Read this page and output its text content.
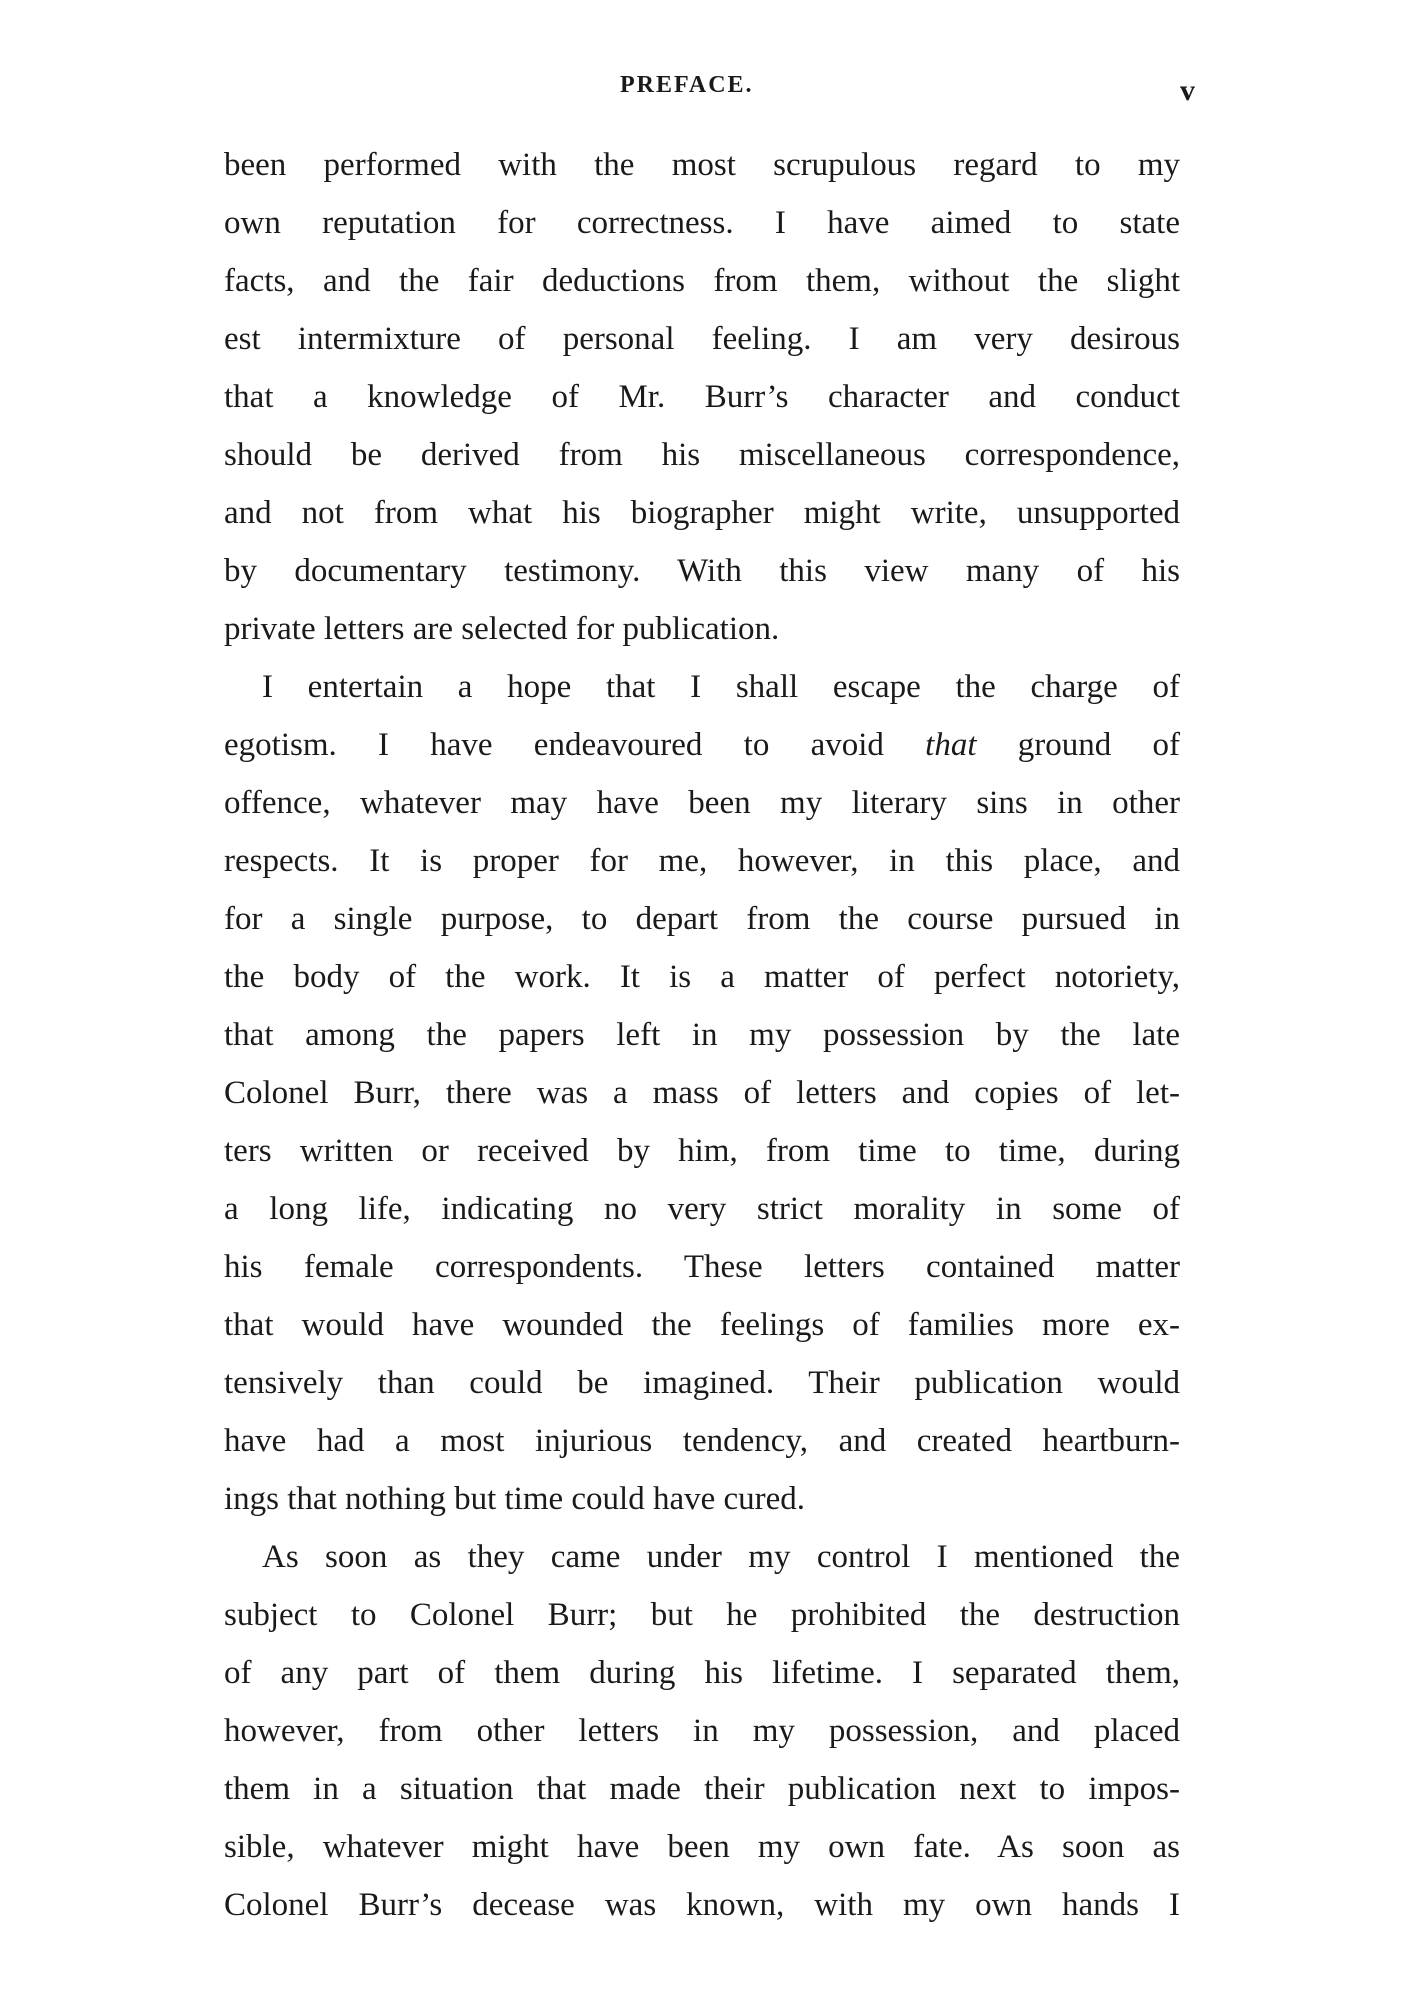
PREFACE.	v
been performed with the most scrupulous regard to my
own reputation for correctness. I have aimed to state
facts, and the fair deductions from them, without the slight
est intermixture of personal feeling. I am very desirous
that a knowledge of Mr. Burr’s character and conduct
should be derived from his miscellaneous correspondence,
and not from what his biographer might write, unsupported
by documentary testimony. With this view many of his
private letters are selected for publication.
I entertain a hope that I shall escape the charge of
egotism. I have endeavoured to avoid that ground of
offence, whatever may have been my literary sins in other
respects. It is proper for me, however, in this place, and
for a single purpose, to depart from the course pursued in
the body of the work. It is a matter of perfect notoriety,
that among the papers left in my possession by the late
Colonel Burr, there was a mass of letters and copies of let-
ters written or received by him, from time to time, during
a long life, indicating no very strict morality in some of
his female correspondents. These letters contained matter
that would have wounded the feelings of families more ex-
tensively than could be imagined. Their publication would
have had a most injurious tendency, and created heartburn-
ings that nothing but time could have cured.
As soon as they came under my control I mentioned the
subject to Colonel Burr; but he prohibited the destruction
of any part of them during his lifetime. I separated them,
however, from other letters in my possession, and placed
them in a situation that made their publication next to impos-
sible, whatever might have been my own fate. As soon as
Colonel Burr’s decease was known, with my own hands I
